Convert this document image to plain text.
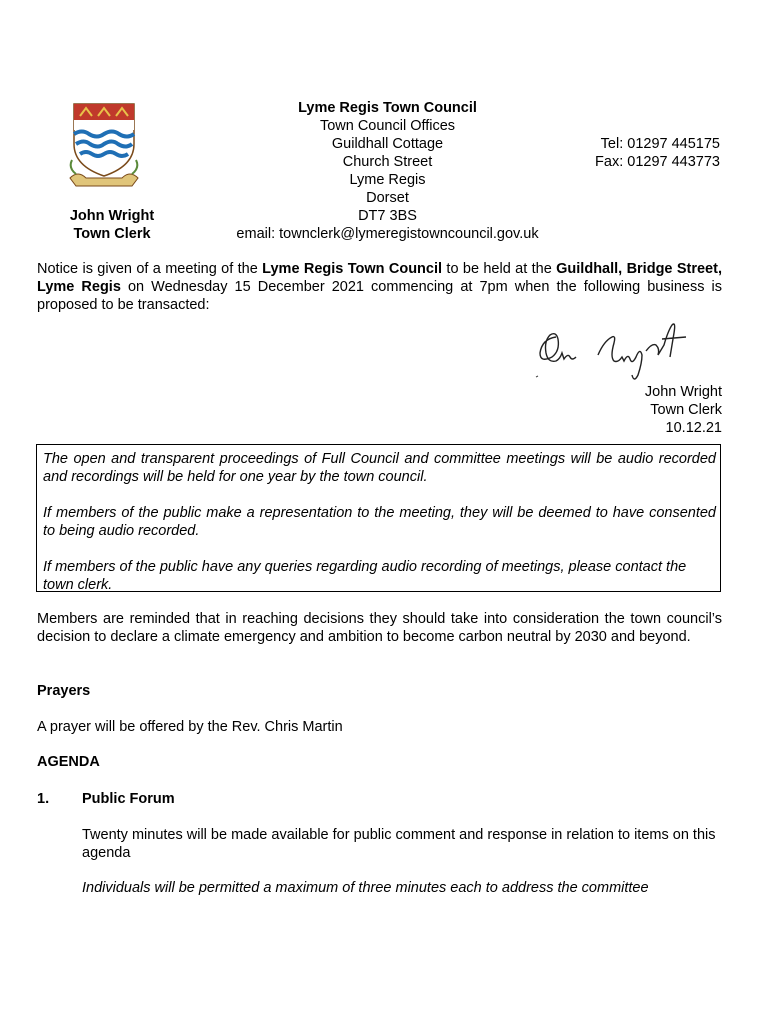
John Wright
Town Clerk
Lyme Regis Town Council
Town Council Offices
Guildhall Cottage
Church Street
Lyme Regis
Dorset
DT7 3BS
email: townclerk@lymeregistowncouncil.gov.uk
Tel: 01297 445175
Fax: 01297 443773
Notice is given of a meeting of the Lyme Regis Town Council to be held at the Guildhall, Bridge Street, Lyme Regis on Wednesday 15 December 2021 commencing at 7pm when the following business is proposed to be transacted:
John Wright
Town Clerk
10.12.21

The open and transparent proceedings of Full Council and committee meetings will be audio recorded and recordings will be held for one year by the town council.

If members of the public make a representation to the meeting, they will be deemed to have consented to being audio recorded.

If members of the public have any queries regarding audio recording of meetings, please contact the town clerk.

Members are reminded that in reaching decisions they should take into consideration the town council’s decision to declare a climate emergency and ambition to become carbon neutral by 2030 and beyond.
Prayers
A prayer will be offered by the Rev. Chris Martin
AGENDA
1. Public Forum
Twenty minutes will be made available for public comment and response in relation to items on this agenda
Individuals will be permitted a maximum of three minutes each to address the committee
